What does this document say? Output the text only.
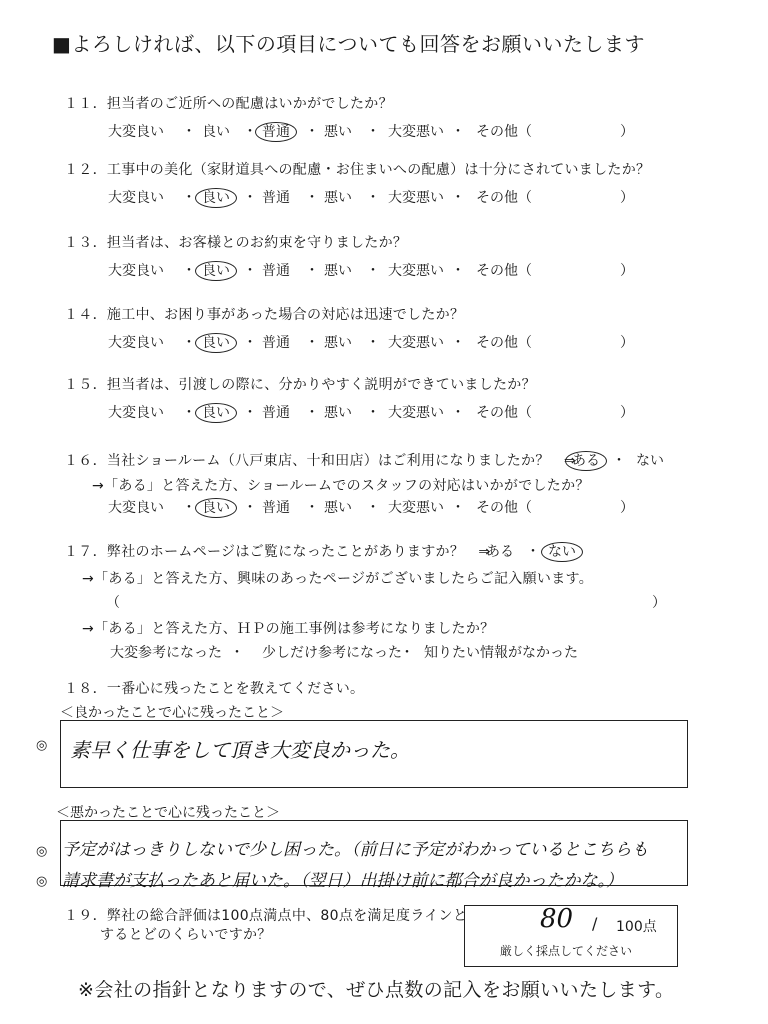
■よろしければ、以下の項目についても回答をお願いいたします
１１．担当者のご近所への配慮はいかがでしたか？
大変良い	良い 普通 悪い	大変悪い その他（	）
・	・	・	・	・
１２．工事中の美化（家財道具への配慮・お住まいへの配慮）は十分にされていましたか？
大変良い	良い 普通 悪い	大変悪い その他（	）
・	・	・	・	・
１３．担当者は、お客様とのお約束を守りましたか？
大変良い	良い 普通 悪い	大変悪い その他（	）
・	・	・	・	・
１４．施工中、お困り事があった場合の対応は迅速でしたか？
大変良い	良い 普通 悪い	大変悪い その他（	）
・	・	・	・	・
１５．担当者は、引渡しの際に、分かりやすく説明ができていましたか？
大変良い	良い 普通 悪い	大変悪い その他（	）
・	・	・	・	・
１６．当社ショールーム（八戸東店、十和田店）はご利用になりましたか？　⇒
ある ・ ない
→「ある」と答えた方、ショールームでのスタッフの対応はいかがでしたか？
大変良い	良い 普通 悪い	大変悪い その他（	）
・	・	・	・	・
１７．弊社のホームページはご覧になったことがありますか？　⇒
ある ・ ない
→「ある」と答えた方、興味のあったページがございましたらご記入願います。
（	）
→「ある」と答えた方、ＨＰの施工事例は参考になりましたか？
大変参考になった ・ 少しだけ参考になった
・ 知りたい情報がなかった
１８．一番心に残ったことを教えてください。
＜良かったことで心に残ったこと＞
◎ 素早く仕事をして頂き大変良かった。
＜悪かったことで心に残ったこと＞
◎ 予定がはっきりしないで少し困った。（前日に予定がわかっているとこちらも
◎ 請求書が支払ったあと届いた。（翌日）出掛け前に都合が良かったかな。）
１９．弊社の総合評価は100点満点中、80点を満足度ラインと
するとどのくらいですか？
80 / 100点
厳しく採点してください
※会社の指針となりますので、ぜひ点数の記入をお願いいたします。
